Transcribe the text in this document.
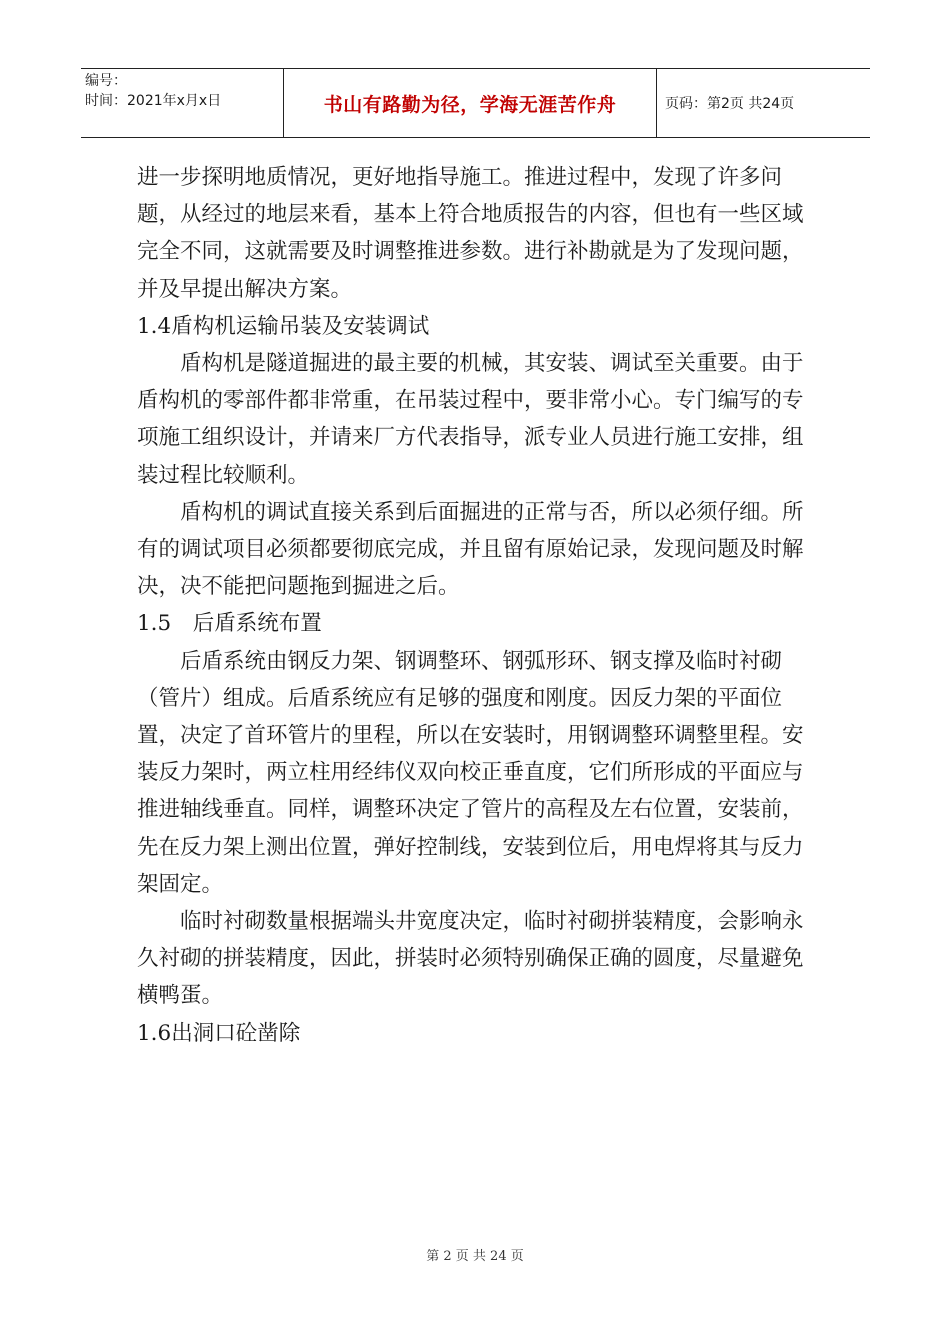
编号：
时间：2021年x月x日	书山有路勤为径，学海无涯苦作舟	页码：第2页 共24页

进一步探明地质情况，更好地指导施工。推进过程中，发现了许多问题，从经过的地层来看，基本上符合地质报告的内容，但也有一些区域完全不同，这就需要及时调整推进参数。进行补勘就是为了发现问题，并及早提出解决方案。

1.4盾构机运输吊装及安装调试

盾构机是隧道掘进的最主要的机械，其安装、调试至关重要。由于盾构机的零部件都非常重，在吊装过程中，要非常小心。专门编写的专项施工组织设计，并请来厂方代表指导，派专业人员进行施工安排，组装过程比较顺利。

盾构机的调试直接关系到后面掘进的正常与否，所以必须仔细。所有的调试项目必须都要彻底完成，并且留有原始记录，发现问题及时解决，决不能把问题拖到掘进之后。

1.5　后盾系统布置

后盾系统由钢反力架、钢调整环、钢弧形环、钢支撑及临时衬砌（管片）组成。后盾系统应有足够的强度和刚度。因反力架的平面位置，决定了首环管片的里程，所以在安装时，用钢调整环调整里程。安装反力架时，两立柱用经纬仪双向校正垂直度，它们所形成的平面应与推进轴线垂直。同样，调整环决定了管片的高程及左右位置，安装前，先在反力架上测出位置，弹好控制线，安装到位后，用电焊将其与反力架固定。

临时衬砌数量根据端头井宽度决定，临时衬砌拼装精度，会影响永久衬砌的拼装精度，因此，拼装时必须特别确保正确的圆度，尽量避免横鸭蛋。

1.6出洞口砼凿除

第 2 页 共 24 页
